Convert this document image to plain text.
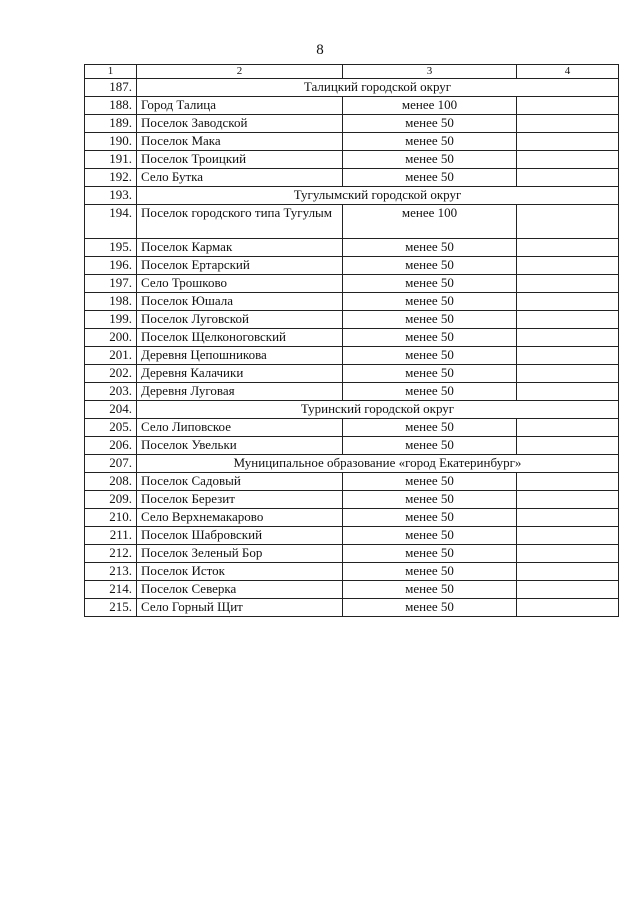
8
1	2	3	4
187.	Талицкий городской округ		
188.	Город Талица	менее 100	
189.	Поселок Заводской	менее 50	
190.	Поселок Мака	менее 50	
191.	Поселок Троицкий	менее 50	
192.	Село Бутка	менее 50	
193.	Тугулымский городской округ		
194.	Поселок городского типа Тугулым	менее 100	
195.	Поселок Кармак	менее 50	
196.	Поселок Ертарский	менее 50	
197.	Село Трошково	менее 50	
198.	Поселок Юшала	менее 50	
199.	Поселок Луговской	менее 50	
200.	Поселок Щелконоговский	менее 50	
201.	Деревня Цепошникова	менее 50	
202.	Деревня Калачики	менее 50	
203.	Деревня Луговая	менее 50	
204.	Туринский городской округ		
205.	Село Липовское	менее 50	
206.	Поселок Увельки	менее 50	
207.	Муниципальное образование «город Екатеринбург»		
208.	Поселок Садовый	менее 50	
209.	Поселок Березит	менее 50	
210.	Село Верхнемакарово	менее 50	
211.	Поселок Шабровский	менее 50	
212.	Поселок Зеленый Бор	менее 50	
213.	Поселок Исток	менее 50	
214.	Поселок Северка	менее 50	
215.	Село Горный Щит	менее 50	
